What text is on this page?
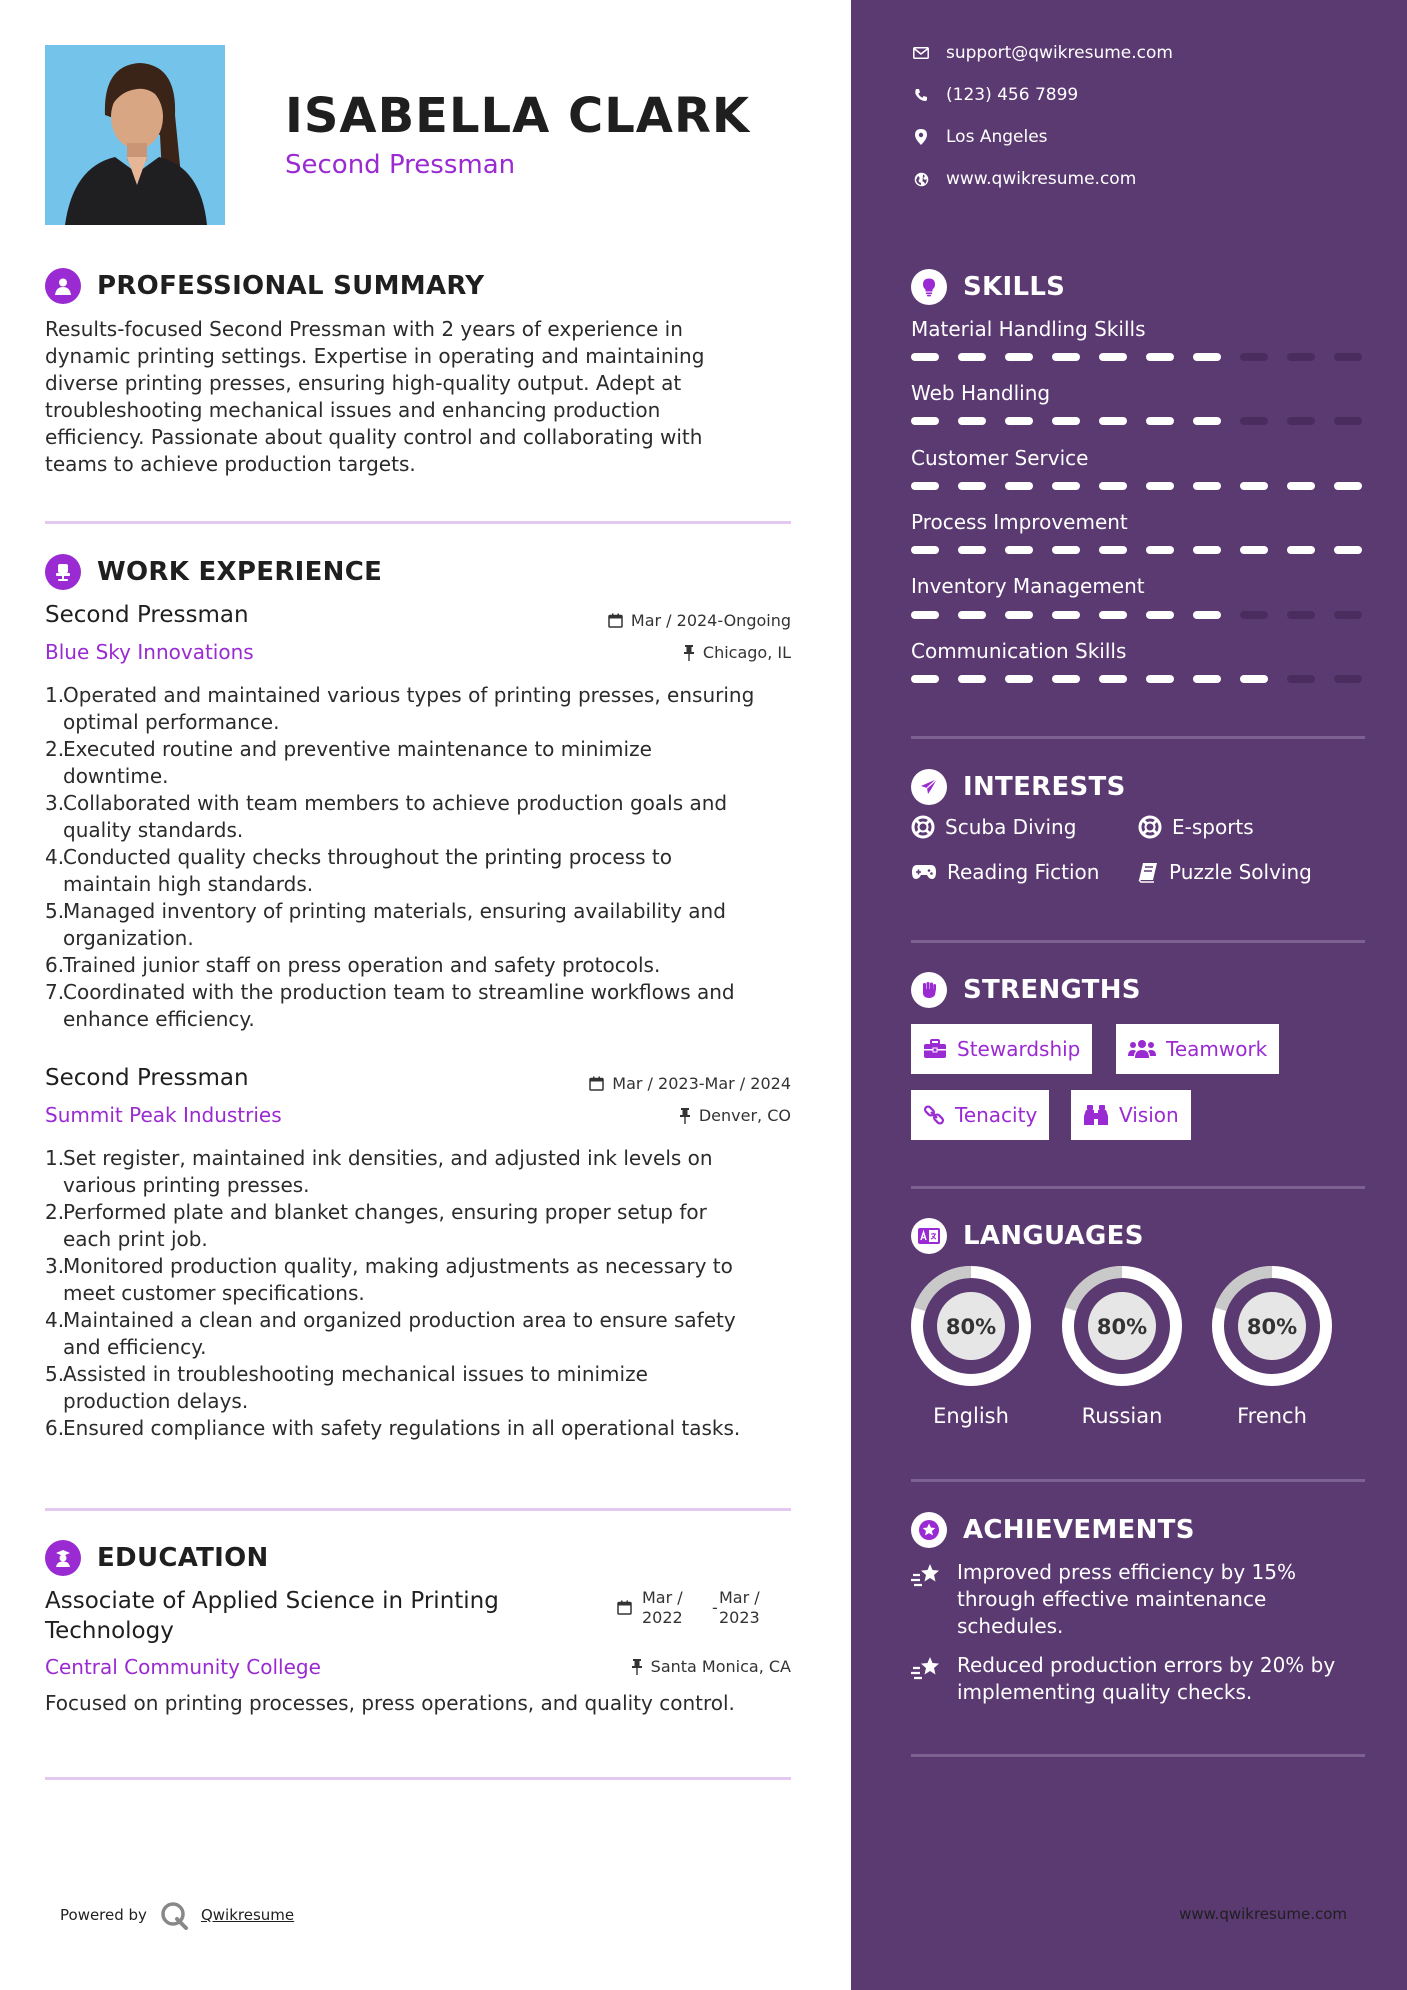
ISABELLA CLARK
Second Pressman
PROFESSIONAL SUMMARY
Results-focused Second Pressman with 2 years of experience in
dynamic printing settings. Expertise in operating and maintaining
diverse printing presses, ensuring high-quality output. Adept at
troubleshooting mechanical issues and enhancing production
efficiency. Passionate about quality control and collaborating with
teams to achieve production targets.
WORK EXPERIENCE
Second Pressman	Mar / 2024-Ongoing
Blue Sky Innovations	Chicago, IL
1.
Operated and maintained various types of printing presses, ensuring
optimal performance.
2.
Executed routine and preventive maintenance to minimize
downtime.
3.
Collaborated with team members to achieve production goals and
quality standards.
4.
Conducted quality checks throughout the printing process to
maintain high standards.
5.
Managed inventory of printing materials, ensuring availability and
organization.
6.
Trained junior staff on press operation and safety protocols.
7.
Coordinated with the production team to streamline workflows and
enhance efficiency.
Second Pressman	Mar / 2023-Mar / 2024
Summit Peak Industries	Denver, CO
1.
Set register, maintained ink densities, and adjusted ink levels on
various printing presses.
2.
Performed plate and blanket changes, ensuring proper setup for
each print job.
3.
Monitored production quality, making adjustments as necessary to
meet customer specifications.
4.
Maintained a clean and organized production area to ensure safety
and efficiency.
5.
Assisted in troubleshooting mechanical issues to minimize
production delays.
6.
Ensured compliance with safety regulations in all operational tasks.
EDUCATION
Associate of Applied Science in Printing
Technology
Mar /
2022
-
Mar /
2023
Central Community College	Santa Monica, CA
Focused on printing processes, press operations, and quality control.
Powered by	Qwikresume
support@qwikresume.com
(123) 456 7899
Los Angeles
www.qwikresume.com
SKILLS
Material Handling Skills
Web Handling
Customer Service
Process Improvement
Inventory Management
Communication Skills
INTERESTS
Scuba Diving	E-sports
Reading Fiction	Puzzle Solving
STRENGTHS
Stewardship	Teamwork
Tenacity	Vision
LANGUAGES
80%
English
80%
Russian
80%
French
ACHIEVEMENTS
Improved press efficiency by 15%
through effective maintenance
schedules.
Reduced production errors by 20% by
implementing quality checks.
www.qwikresume.com
